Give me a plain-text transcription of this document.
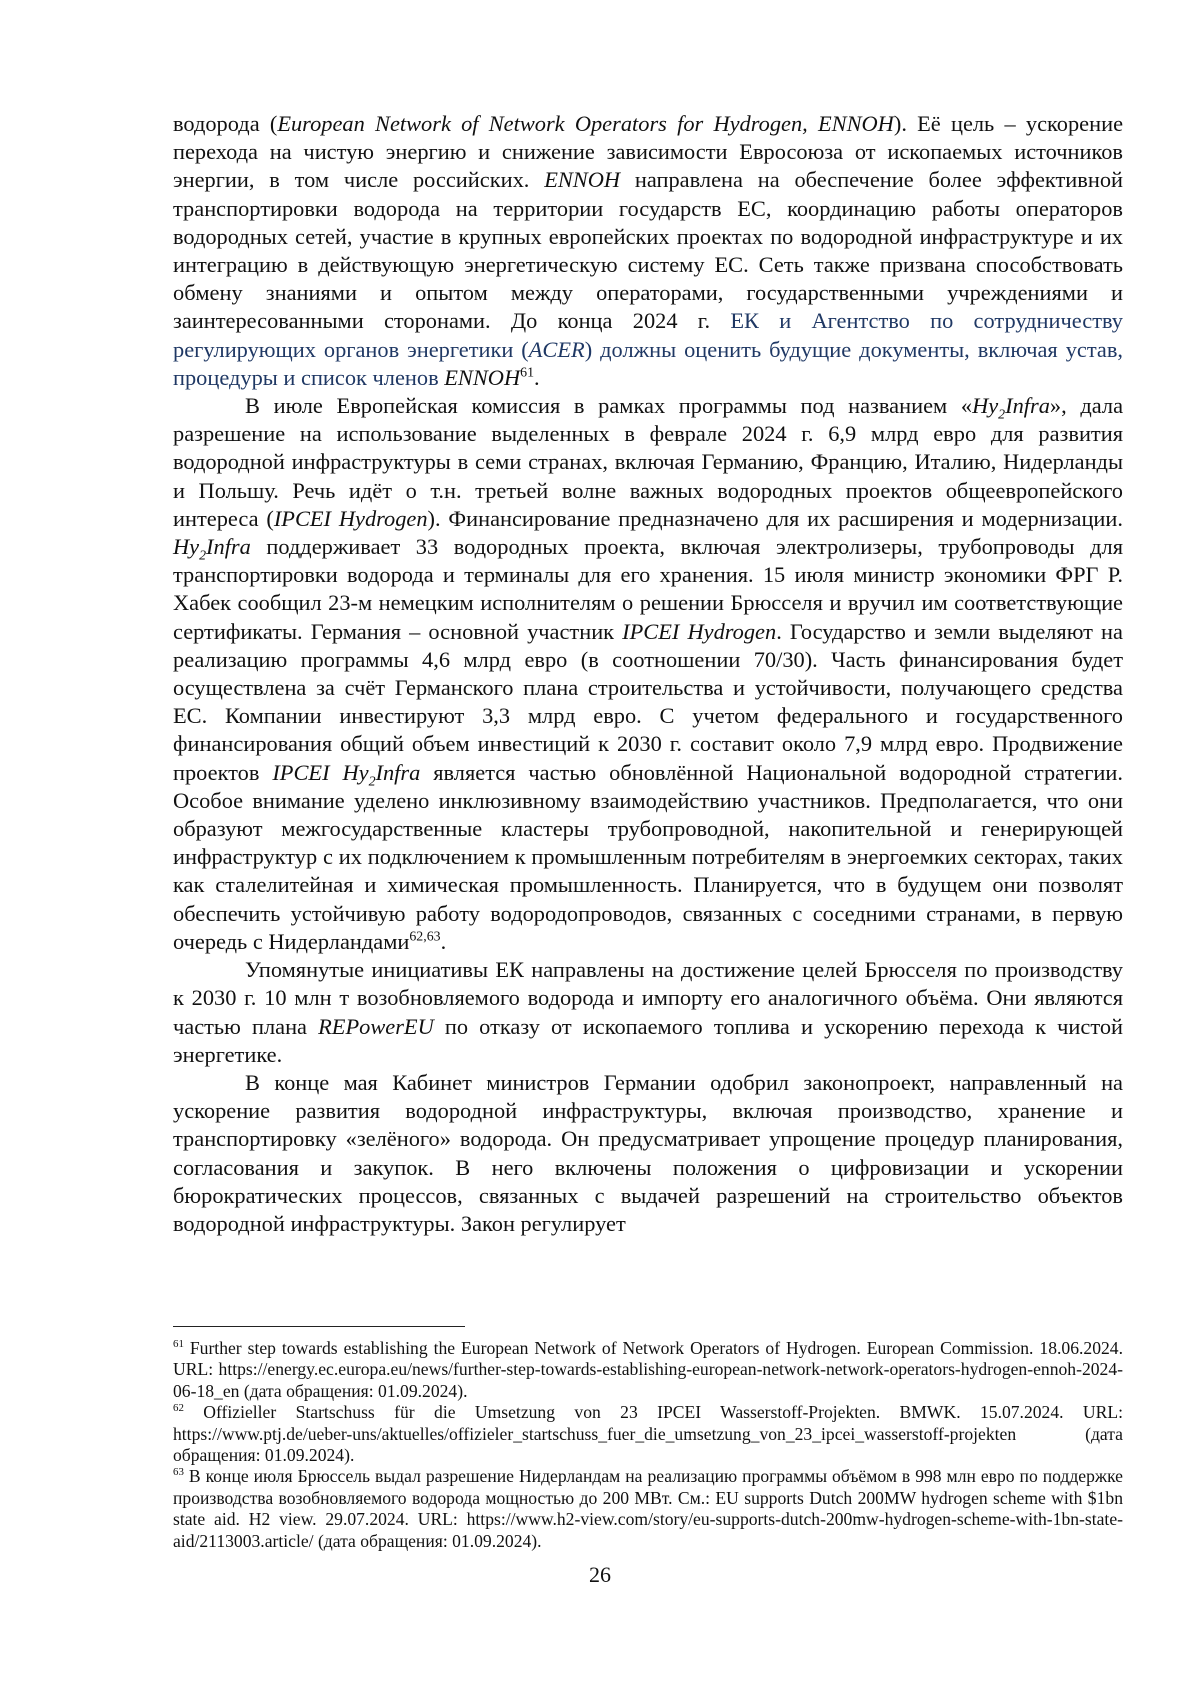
водорода (European Network of Network Operators for Hydrogen, ENNOH). Её цель – ускорение перехода на чистую энергию и снижение зависимости Евросоюза от ископаемых источников энергии, в том числе российских. ENNOH направлена на обеспечение более эффективной транспортировки водорода на территории государств ЕС, координацию работы операторов водородных сетей, участие в крупных европейских проектах по водородной инфраструктуре и их интеграцию в действующую энергетическую систему ЕС. Сеть также призвана способствовать обмену знаниями и опытом между операторами, государственными учреждениями и заинтересованными сторонами. До конца 2024 г. ЕК и Агентство по сотрудничеству регулирующих органов энергетики (ACER) должны оценить будущие документы, включая устав, процедуры и список членов ENNOH$^{61}$.

В июле Европейская комиссия в рамках программы под названием «$Hy_2Infra$», дала разрешение на использование выделенных в феврале 2024 г. 6,9 млрд евро для развития водородной инфраструктуры в семи странах, включая Германию, Францию, Италию, Нидерланды и Польшу. Речь идёт о т.н. третьей волне важных водородных проектов общеевропейского интереса (IPCEI Hydrogen). Финансирование предназначено для их расширения и модернизации. $Hy_2Infra$ поддерживает 33 водородных проекта, включая электролизеры, трубопроводы для транспортировки водорода и терминалы для его хранения. 15 июля министр экономики ФРГ Р. Хабек сообщил 23-м немецким исполнителям о решении Брюсселя и вручил им соответствующие сертификаты. Германия – основной участник IPCEI Hydrogen. Государство и земли выделяют на реализацию программы 4,6 млрд евро (в соотношении 70/30). Часть финансирования будет осуществлена за счёт Германского плана строительства и устойчивости, получающего средства ЕС. Компании инвестируют 3,3 млрд евро. С учетом федерального и государственного финансирования общий объем инвестиций к 2030 г. составит около 7,9 млрд евро. Продвижение проектов IPCEI $Hy_2Infra$ является частью обновлённой Национальной водородной стратегии. Особое внимание уделено инклюзивному взаимодействию участников. Предполагается, что они образуют межгосударственные кластеры трубопроводной, накопительной и генерирующей инфраструктур с их подключением к промышленным потребителям в энергоемких секторах, таких как сталелитейная и химическая промышленность. Планируется, что в будущем они позволят обеспечить устойчивую работу водородопроводов, связанных с соседними странами, в первую очередь с Нидерландами$^{62,63}$.

Упомянутые инициативы ЕК направлены на достижение целей Брюсселя по производству к 2030 г. 10 млн т возобновляемого водорода и импорту его аналогичного объёма. Они являются частью плана REPowerEU по отказу от ископаемого топлива и ускорению перехода к чистой энергетике.

В конце мая Кабинет министров Германии одобрил законопроект, направленный на ускорение развития водородной инфраструктуры, включая производство, хранение и транспортировку «зелёного» водорода. Он предусматривает упрощение процедур планирования, согласования и закупок. В него включены положения о цифровизации и ускорении бюрократических процессов, связанных с выдачей разрешений на строительство объектов водородной инфраструктуры. Закон регулирует

$^{61}$ Further step towards establishing the European Network of Network Operators of Hydrogen. European Commission. 18.06.2024. URL: https://energy.ec.europa.eu/news/further-step-towards-establishing-european-network-network-operators-hydrogen-ennoh-2024-06-18_en (дата обращения: 01.09.2024).

$^{62}$ Offizieller Startschuss für die Umsetzung von 23 IPCEI Wasserstoff-Projekten. BMWK. 15.07.2024. URL: https://www.ptj.de/ueber-uns/aktuelles/offizieler_startschuss_fuer_die_umsetzung_von_23_ipcei_wasserstoff-projekten (дата обращения: 01.09.2024).

$^{63}$ В конце июля Брюссель выдал разрешение Нидерландам на реализацию программы объёмом в 998 млн евро по поддержке производства возобновляемого водорода мощностью до 200 МВт. См.: EU supports Dutch 200MW hydrogen scheme with $1bn state aid. H2 view. 29.07.2024. URL: https://www.h2-view.com/story/eu-supports-dutch-200mw-hydrogen-scheme-with-1bn-state-aid/2113003.article/ (дата обращения: 01.09.2024).

26
